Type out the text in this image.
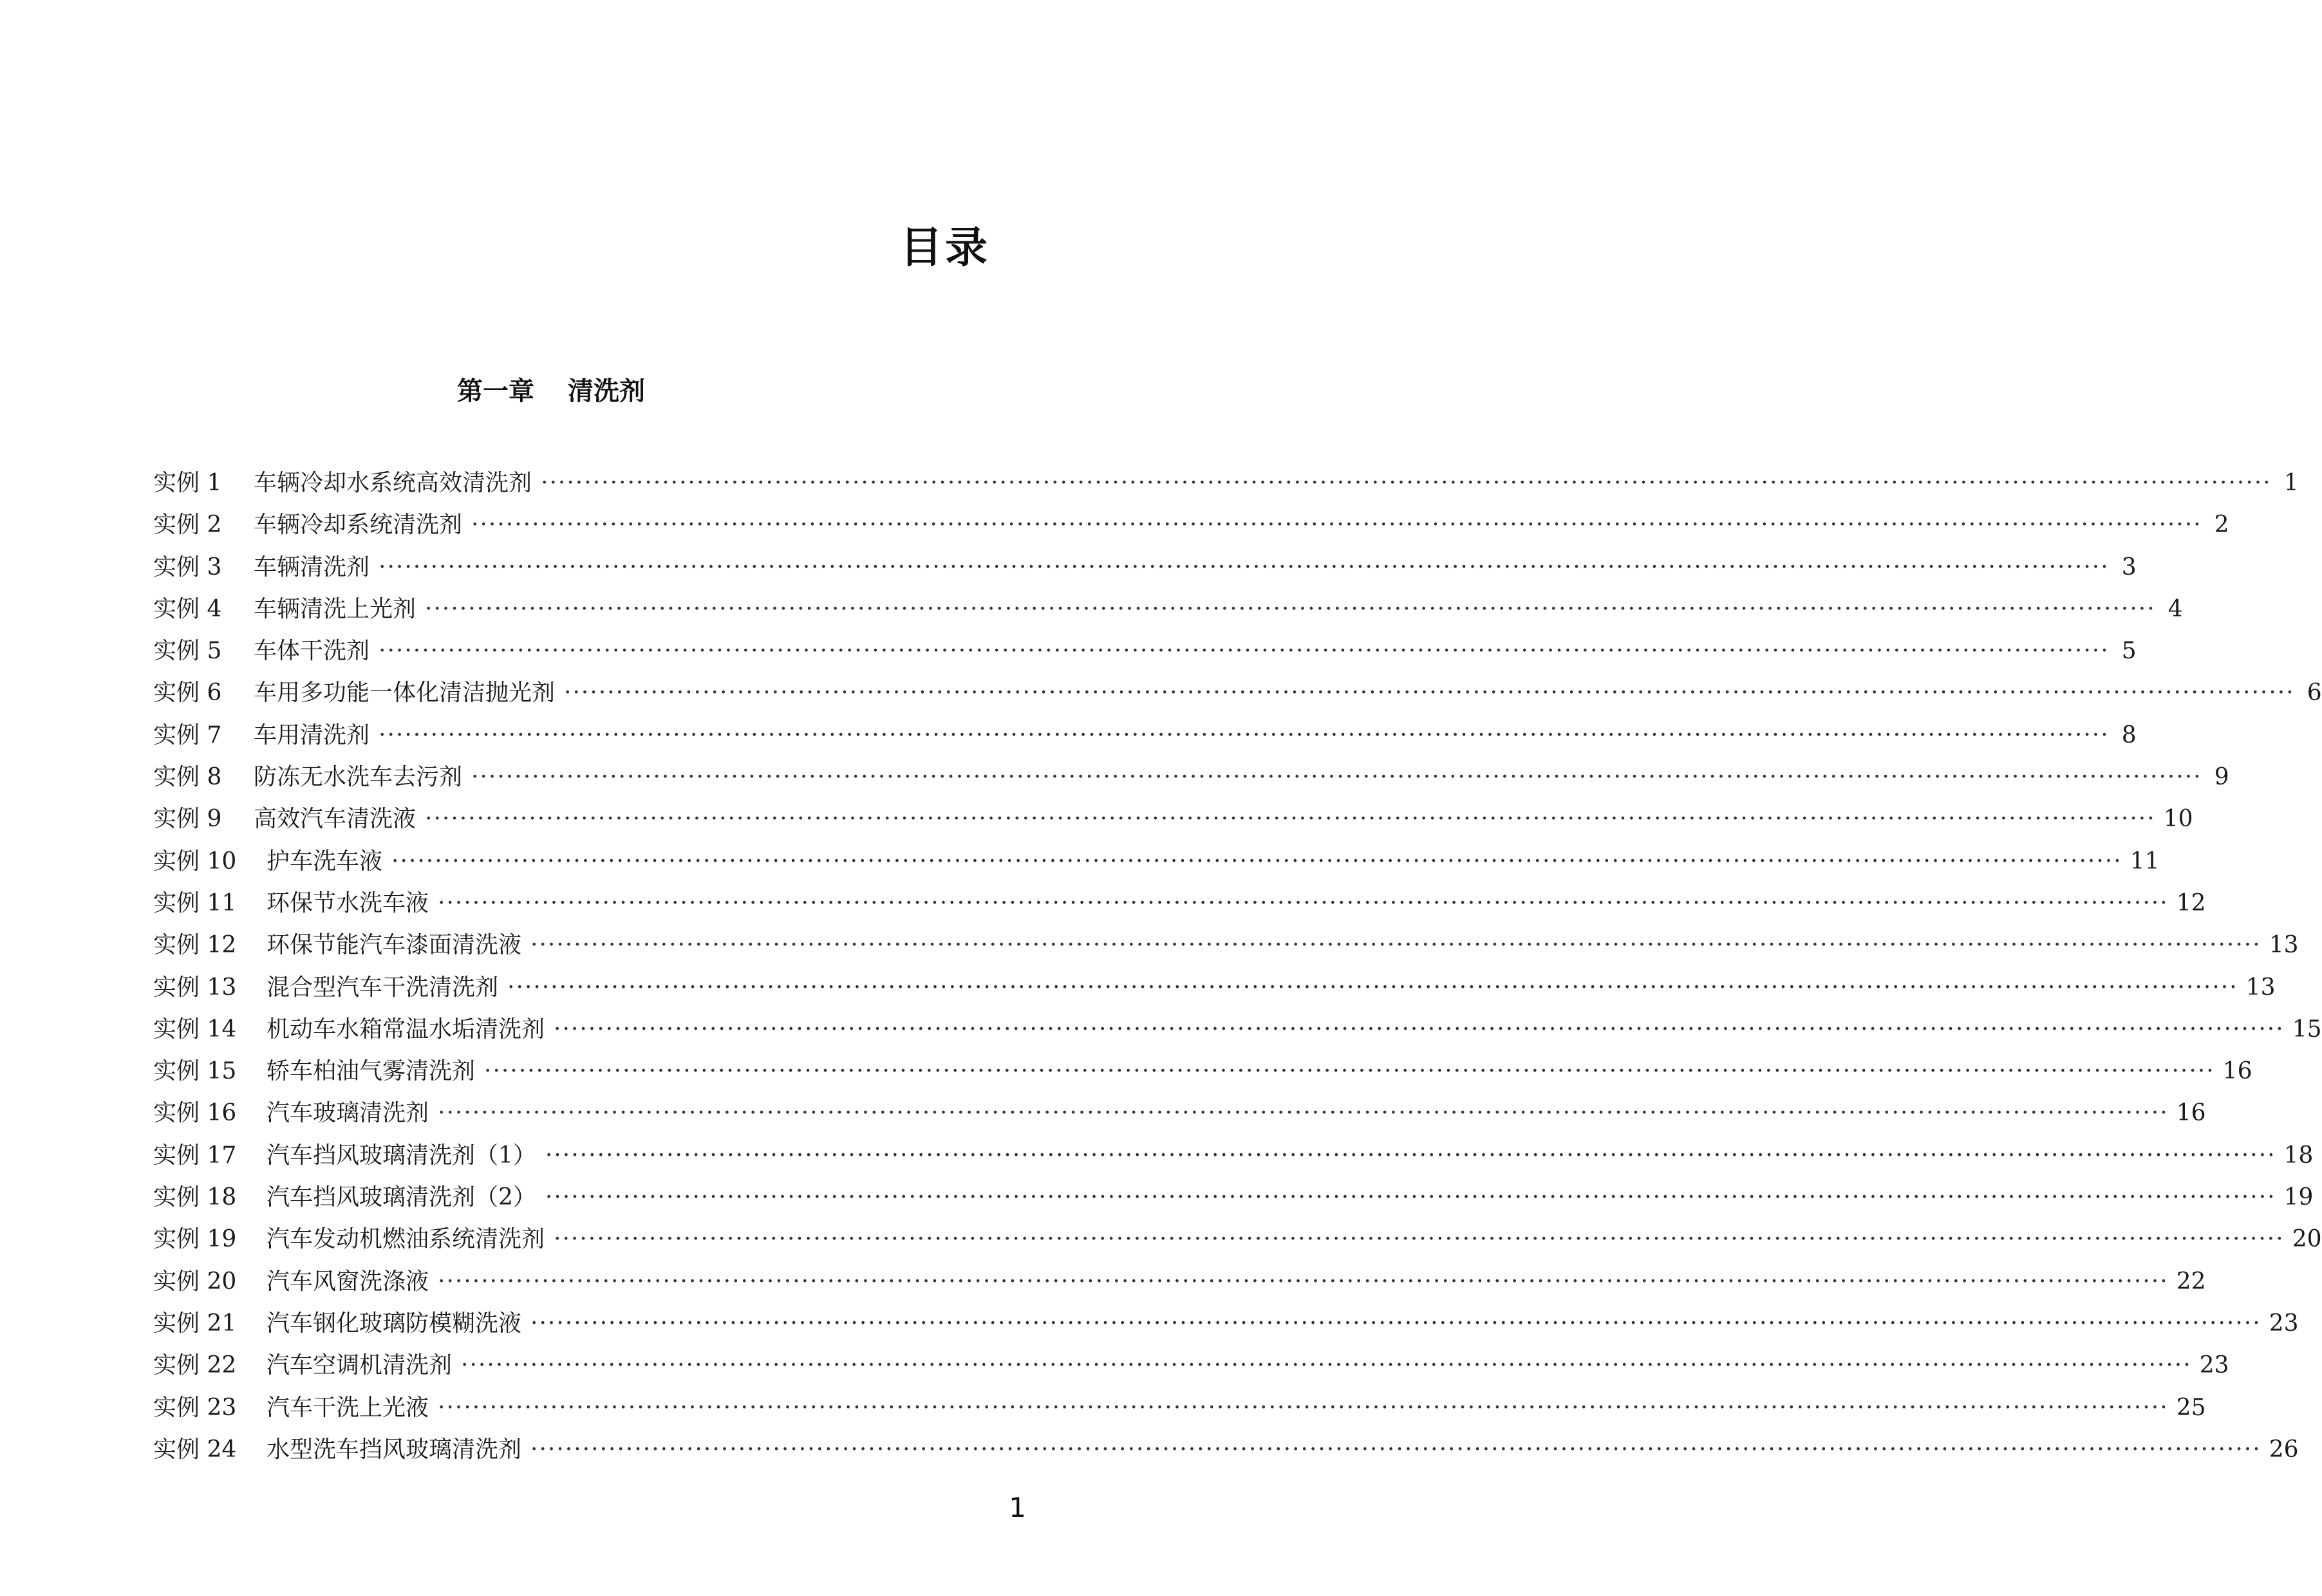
目录
第一章 清洗剂
实例 1	车辆冷却水系统高效清洗剂 ········································································································································································································ 1
实例 2	车辆冷却系统清洗剂 ········································································································································································································ 2
实例 3	车辆清洗剂 ········································································································································································································ 3
实例 4	车辆清洗上光剂 ········································································································································································································ 4
实例 5	车体干洗剂 ········································································································································································································ 5
实例 6	车用多功能一体化清洁抛光剂 ········································································································································································································ 6
实例 7	车用清洗剂 ········································································································································································································ 8
实例 8	防冻无水洗车去污剂 ········································································································································································································ 9
实例 9	高效汽车清洗液 ········································································································································································································ 10
实例 10	护车洗车液 ········································································································································································································ 11
实例 11	环保节水洗车液 ········································································································································································································ 12
实例 12	环保节能汽车漆面清洗液 ········································································································································································································ 13
实例 13	混合型汽车干洗清洗剂 ········································································································································································································ 13
实例 14	机动车水箱常温水垢清洗剂 ········································································································································································································ 15
实例 15	轿车柏油气雾清洗剂 ········································································································································································································ 16
实例 16	汽车玻璃清洗剂 ········································································································································································································ 16
实例 17	汽车挡风玻璃清洗剂（1） ········································································································································································································ 18
实例 18	汽车挡风玻璃清洗剂（2） ········································································································································································································ 19
实例 19	汽车发动机燃油系统清洗剂 ········································································································································································································ 20
实例 20	汽车风窗洗涤液 ········································································································································································································ 22
实例 21	汽车钢化玻璃防模糊洗液 ········································································································································································································ 23
实例 22	汽车空调机清洗剂 ········································································································································································································ 23
实例 23	汽车干洗上光液 ········································································································································································································ 25
实例 24	水型洗车挡风玻璃清洗剂 ········································································································································································································ 26
1
